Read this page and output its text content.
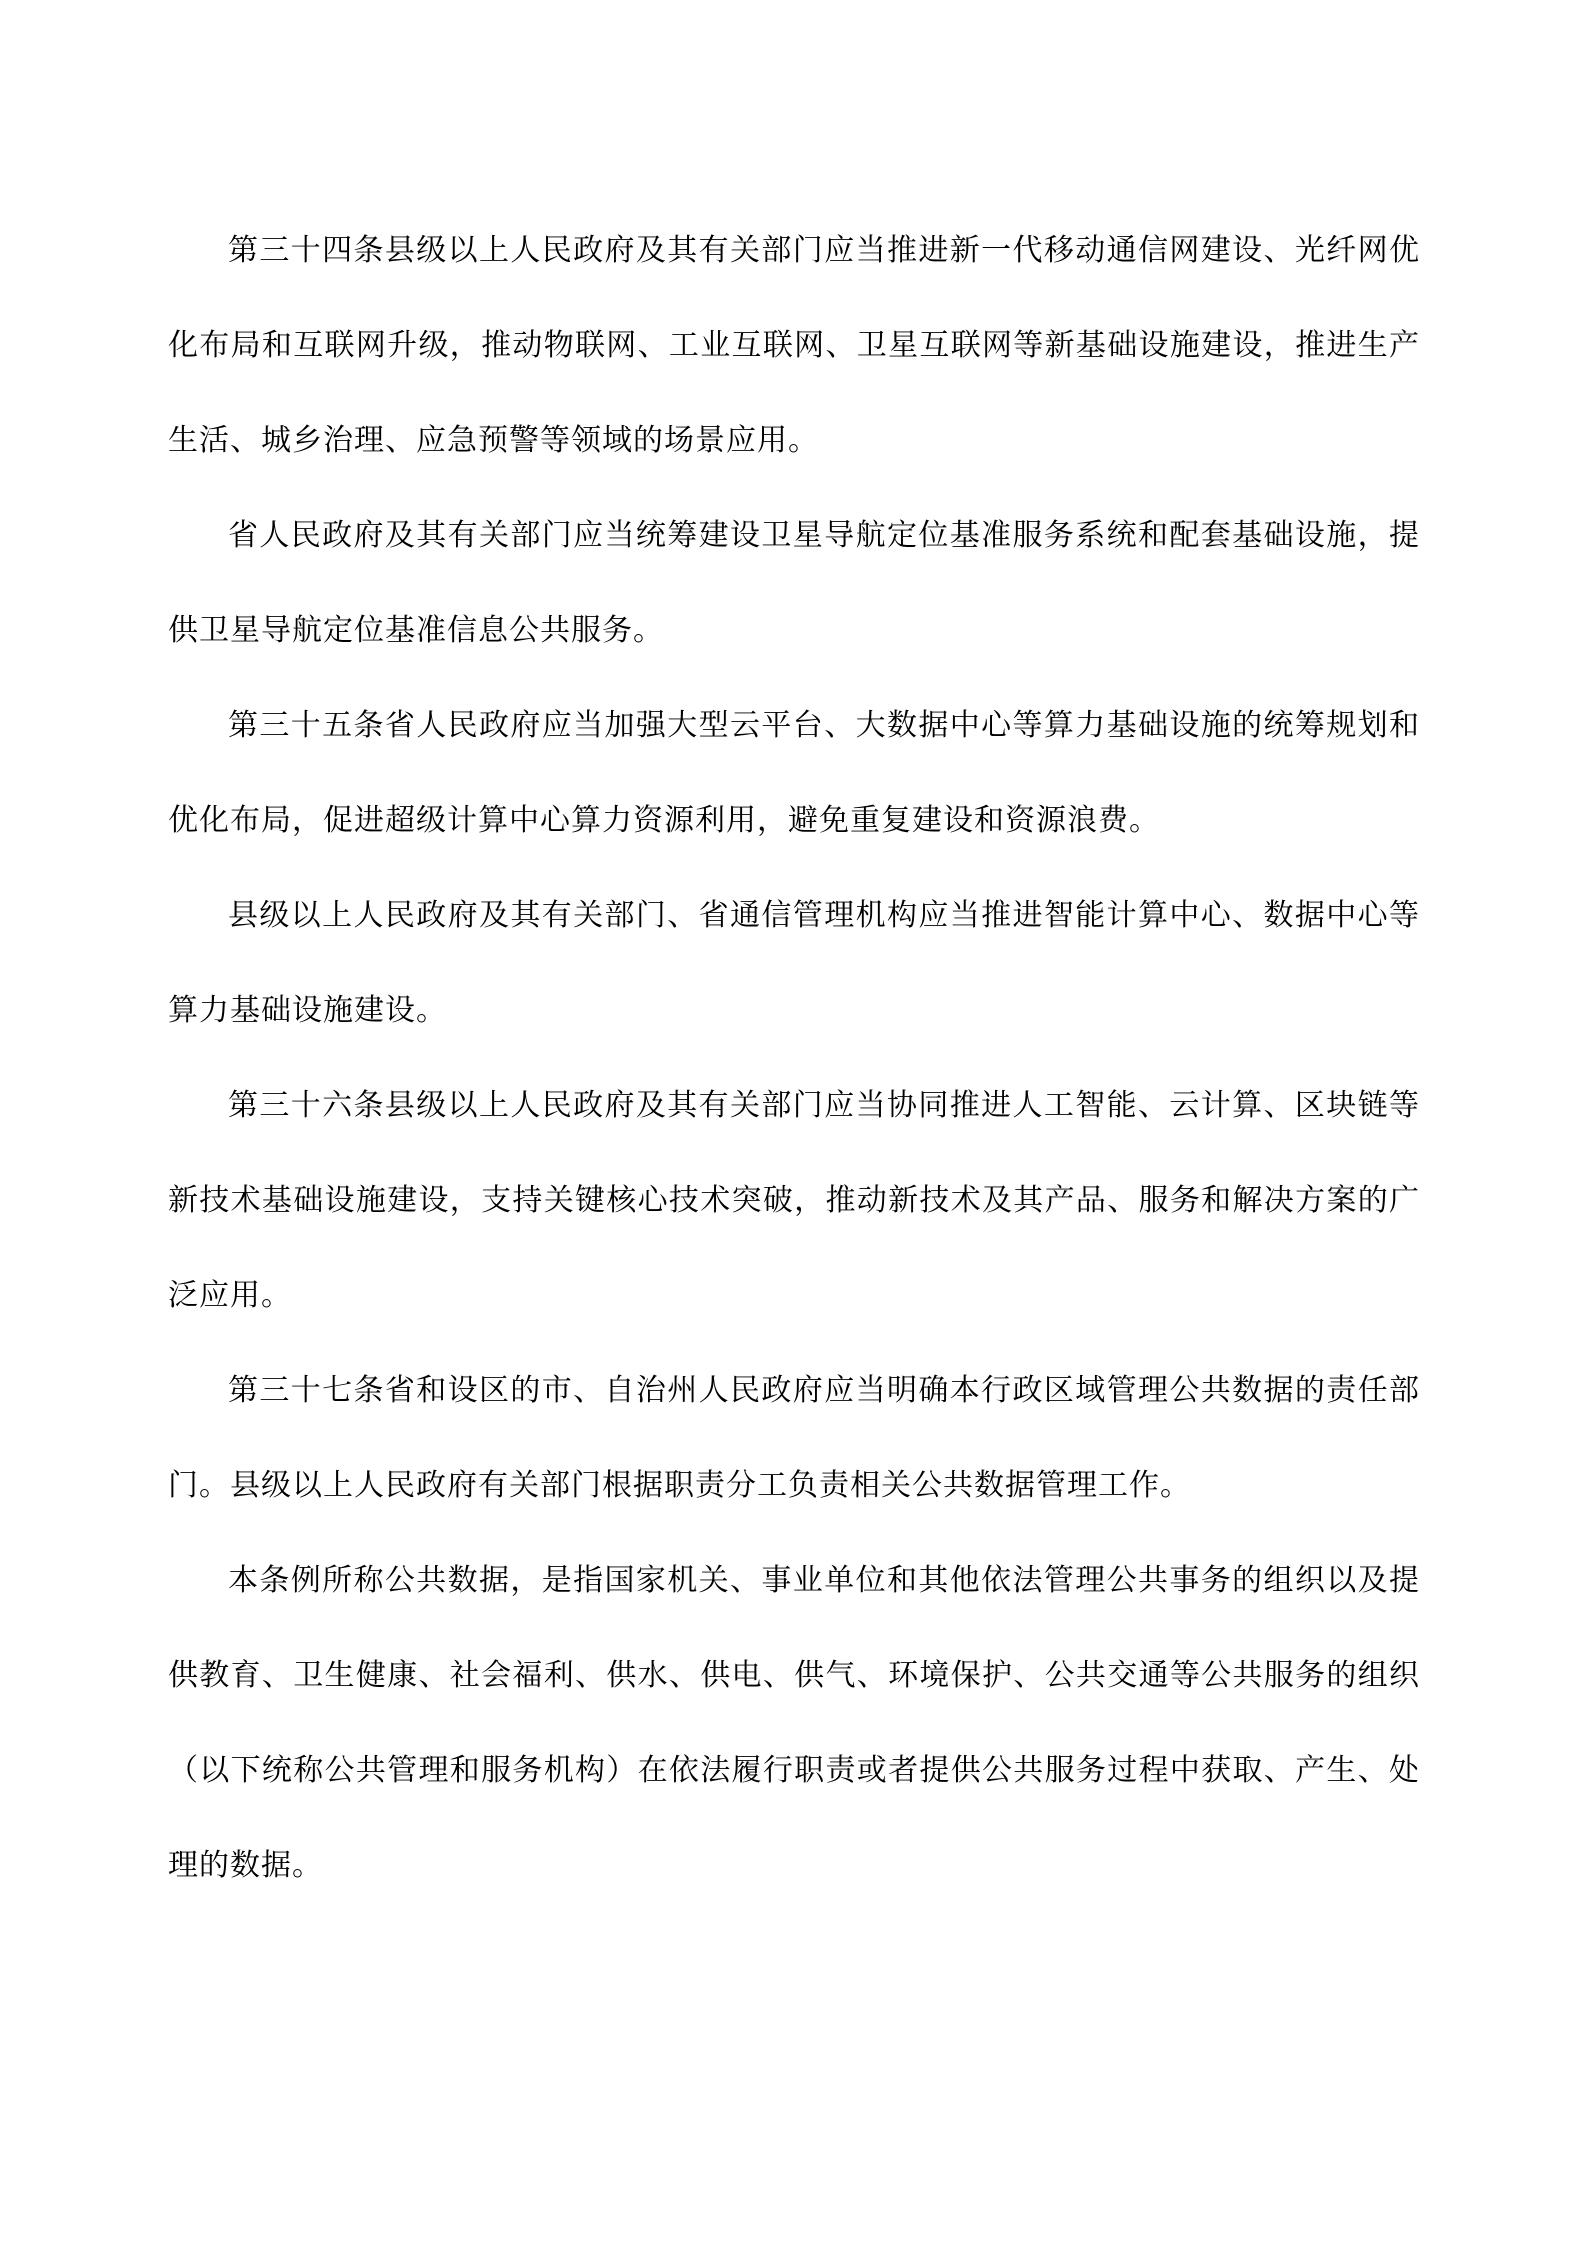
第三十四条县级以上人民政府及其有关部门应当推进新一代移动通信网建设、光纤网优化布局和互联网升级，推动物联网、工业互联网、卫星互联网等新基础设施建设，推进生产生活、城乡治理、应急预警等领域的场景应用。

省人民政府及其有关部门应当统筹建设卫星导航定位基准服务系统和配套基础设施，提供卫星导航定位基准信息公共服务。

第三十五条省人民政府应当加强大型云平台、大数据中心等算力基础设施的统筹规划和优化布局，促进超级计算中心算力资源利用，避免重复建设和资源浪费。

县级以上人民政府及其有关部门、省通信管理机构应当推进智能计算中心、数据中心等算力基础设施建设。

第三十六条县级以上人民政府及其有关部门应当协同推进人工智能、云计算、区块链等新技术基础设施建设，支持关键核心技术突破，推动新技术及其产品、服务和解决方案的广泛应用。

第三十七条省和设区的市、自治州人民政府应当明确本行政区域管理公共数据的责任部门。县级以上人民政府有关部门根据职责分工负责相关公共数据管理工作。

本条例所称公共数据，是指国家机关、事业单位和其他依法管理公共事务的组织以及提供教育、卫生健康、社会福利、供水、供电、供气、环境保护、公共交通等公共服务的组织（以下统称公共管理和服务机构）在依法履行职责或者提供公共服务过程中获取、产生、处理的数据。
